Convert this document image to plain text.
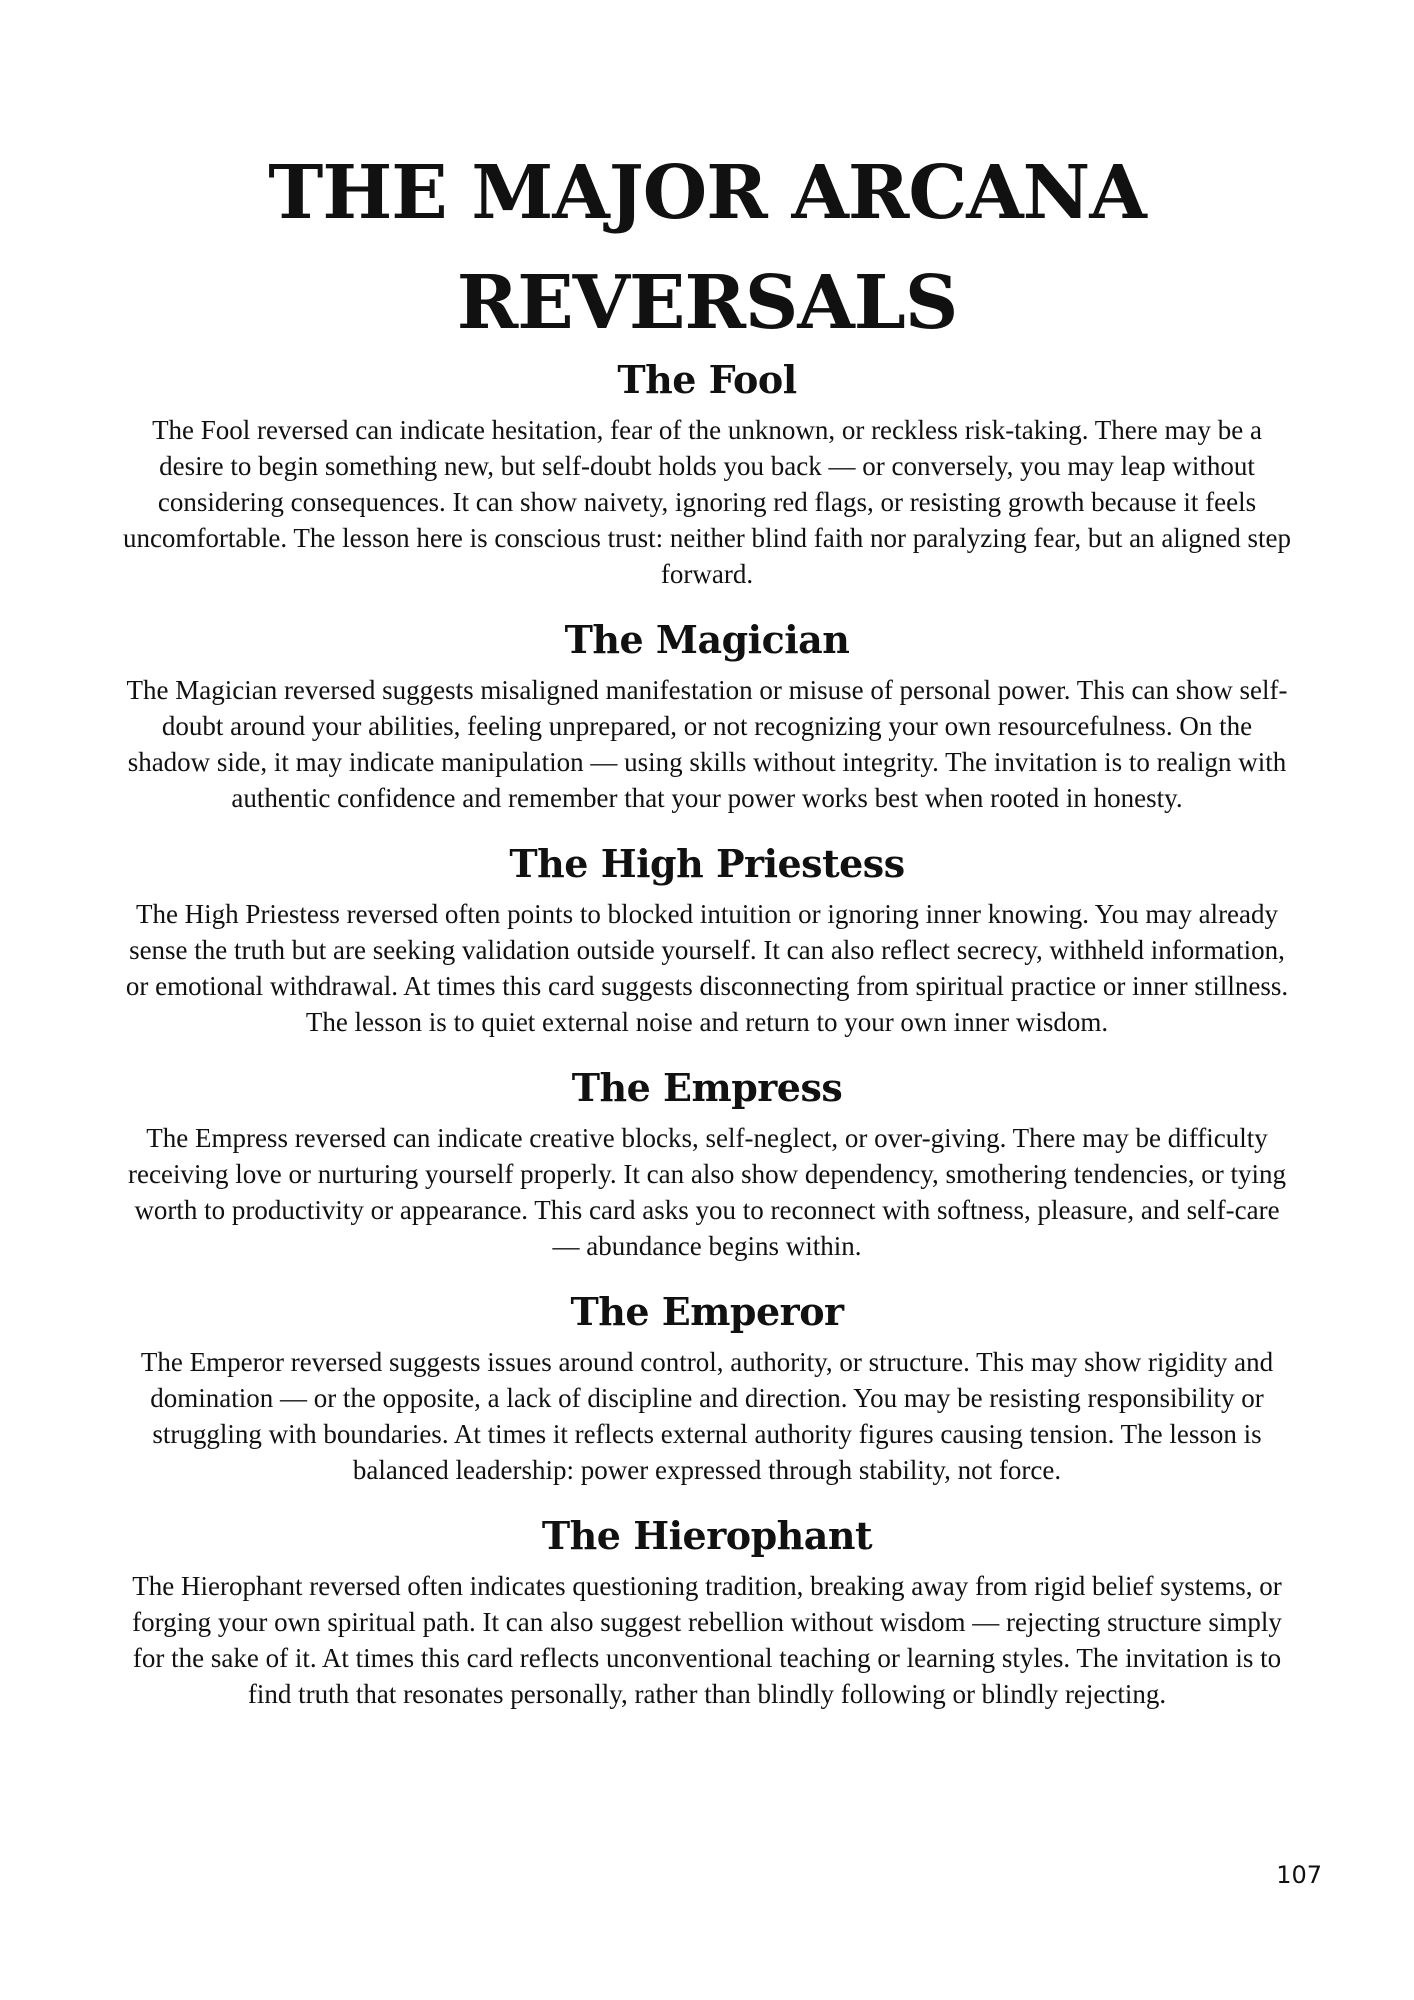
THE MAJOR ARCANA
REVERSALS
The Fool

The Fool reversed can indicate hesitation, fear of the unknown, or reckless risk-taking. There may be a desire to begin something new, but self-doubt holds you back — or conversely, you may leap without considering consequences. It can show naivety, ignoring red flags, or resisting growth because it feels uncomfortable. The lesson here is conscious trust: neither blind faith nor paralyzing fear, but an aligned step forward.

The Magician

The Magician reversed suggests misaligned manifestation or misuse of personal power. This can show self-doubt around your abilities, feeling unprepared, or not recognizing your own resourcefulness. On the shadow side, it may indicate manipulation — using skills without integrity. The invitation is to realign with authentic confidence and remember that your power works best when rooted in honesty.

The High Priestess

The High Priestess reversed often points to blocked intuition or ignoring inner knowing. You may already sense the truth but are seeking validation outside yourself. It can also reflect secrecy, withheld information, or emotional withdrawal. At times this card suggests disconnecting from spiritual practice or inner stillness. The lesson is to quiet external noise and return to your own inner wisdom.

The Empress

The Empress reversed can indicate creative blocks, self-neglect, or over-giving. There may be difficulty receiving love or nurturing yourself properly. It can also show dependency, smothering tendencies, or tying worth to productivity or appearance. This card asks you to reconnect with softness, pleasure, and self-care — abundance begins within.

The Emperor

The Emperor reversed suggests issues around control, authority, or structure. This may show rigidity and domination — or the opposite, a lack of discipline and direction. You may be resisting responsibility or struggling with boundaries. At times it reflects external authority figures causing tension. The lesson is balanced leadership: power expressed through stability, not force.

The Hierophant

The Hierophant reversed often indicates questioning tradition, breaking away from rigid belief systems, or forging your own spiritual path. It can also suggest rebellion without wisdom — rejecting structure simply for the sake of it. At times this card reflects unconventional teaching or learning styles. The invitation is to find truth that resonates personally, rather than blindly following or blindly rejecting.

107
